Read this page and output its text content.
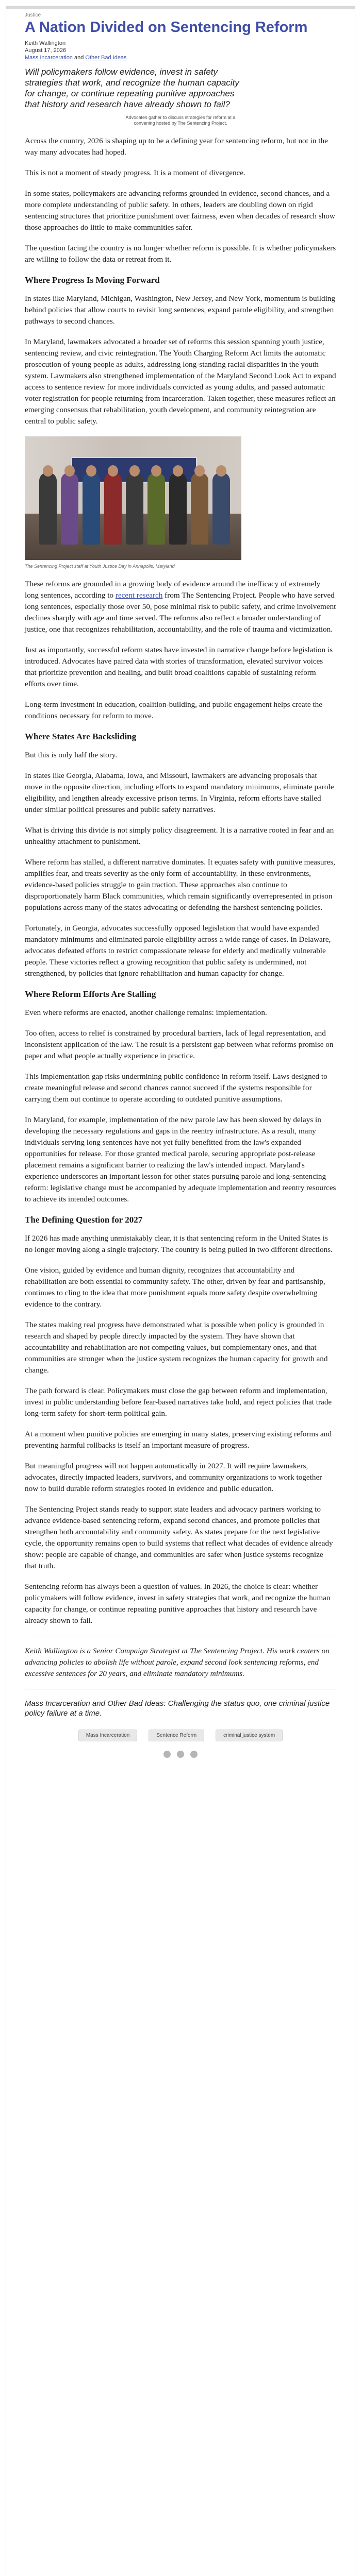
Justice
A Nation Divided on Sentencing Reform
Keith Wallington
August 17, 2026
Mass Incarceration and Other Bad Ideas
Will policymakers follow evidence, invest in safety strategies that work, and recognize the human capacity for change, or continue repeating punitive approaches that history and research have already shown to fail?
Advocates gather to discuss strategies for reform at a convening hosted by The Sentencing Project.

Across the country, 2026 is shaping up to be a defining year for sentencing reform, but not in the way many advocates had hoped.

This is not a moment of steady progress. It is a moment of divergence.

In some states, policymakers are advancing reforms grounded in evidence, second chances, and a more complete understanding of public safety. In others, leaders are doubling down on rigid sentencing structures that prioritize punishment over fairness, even when decades of research show those approaches do little to make communities safer.

The question facing the country is no longer whether reform is possible. It is whether policymakers are willing to follow the data or retreat from it.

Where Progress Is Moving Forward

In states like Maryland, Michigan, Washington, New Jersey, and New York, momentum is building behind policies that allow courts to revisit long sentences, expand parole eligibility, and strengthen pathways to second chances.

In Maryland, lawmakers advocated a broader set of reforms this session spanning youth justice, sentencing review, and civic reintegration. The Youth Charging Reform Act limits the automatic prosecution of young people as adults, addressing long-standing racial disparities in the youth system. Lawmakers also strengthened implementation of the Maryland Second Look Act to expand access to sentence review for more individuals convicted as young adults, and passed automatic voter registration for people returning from incarceration. Taken together, these measures reflect an emerging consensus that rehabilitation, youth development, and community reintegration are central to public safety.

The Sentencing Project staff at Youth Justice Day in Annapolis, Maryland

These reforms are grounded in a growing body of evidence around the inefficacy of extremely long sentences, according to recent research from The Sentencing Project. People who have served long sentences, especially those over 50, pose minimal risk to public safety, and crime involvement declines sharply with age and time served. The reforms also reflect a broader understanding of justice, one that recognizes rehabilitation, accountability, and the role of trauma and victimization.

Just as importantly, successful reform states have invested in narrative change before legislation is introduced. Advocates have paired data with stories of transformation, elevated survivor voices that prioritize prevention and healing, and built broad coalitions capable of sustaining reform efforts over time.

Long-term investment in education, coalition-building, and public engagement helps create the conditions necessary for reform to move.

Where States Are Backsliding

But this is only half the story.

In states like Georgia, Alabama, Iowa, and Missouri, lawmakers are advancing proposals that move in the opposite direction, including efforts to expand mandatory minimums, eliminate parole eligibility, and lengthen already excessive prison terms. In Virginia, reform efforts have stalled under similar political pressures and public safety narratives.

What is driving this divide is not simply policy disagreement. It is a narrative rooted in fear and an unhealthy attachment to punishment.

Where reform has stalled, a different narrative dominates. It equates safety with punitive measures, amplifies fear, and treats severity as the only form of accountability. In these environments, evidence-based policies struggle to gain traction. These approaches also continue to disproportionately harm Black communities, which remain significantly overrepresented in prison populations across many of the states advocating or defending the harshest sentencing policies.

Fortunately, in Georgia, advocates successfully opposed legislation that would have expanded mandatory minimums and eliminated parole eligibility across a wide range of cases. In Delaware, advocates defeated efforts to restrict compassionate release for elderly and medically vulnerable people. These victories reflect a growing recognition that public safety is undermined, not strengthened, by policies that ignore rehabilitation and human capacity for change.

Where Reform Efforts Are Stalling

Even where reforms are enacted, another challenge remains: implementation.

Too often, access to relief is constrained by procedural barriers, lack of legal representation, and inconsistent application of the law. The result is a persistent gap between what reforms promise on paper and what people actually experience in practice.

This implementation gap risks undermining public confidence in reform itself. Laws designed to create meaningful release and second chances cannot succeed if the systems responsible for carrying them out continue to operate according to outdated punitive assumptions.

In Maryland, for example, implementation of the new parole law has been slowed by delays in developing the necessary regulations and gaps in the reentry infrastructure. As a result, many individuals serving long sentences have not yet fully benefitted from the law's expanded opportunities for release. For those granted medical parole, securing appropriate post-release placement remains a significant barrier to realizing the law's intended impact. Maryland's experience underscores an important lesson for other states pursuing parole and long-sentencing reform: legislative change must be accompanied by adequate implementation and reentry resources to achieve its intended outcomes.

The Defining Question for 2027

If 2026 has made anything unmistakably clear, it is that sentencing reform in the United States is no longer moving along a single trajectory. The country is being pulled in two different directions.

One vision, guided by evidence and human dignity, recognizes that accountability and rehabilitation are both essential to community safety. The other, driven by fear and partisanship, continues to cling to the idea that more punishment equals more safety despite overwhelming evidence to the contrary.

The states making real progress have demonstrated what is possible when policy is grounded in research and shaped by people directly impacted by the system. They have shown that accountability and rehabilitation are not competing values, but complementary ones, and that communities are stronger when the justice system recognizes the human capacity for growth and change.

The path forward is clear. Policymakers must close the gap between reform and implementation, invest in public understanding before fear-based narratives take hold, and reject policies that trade long-term safety for short-term political gain.

At a moment when punitive policies are emerging in many states, preserving existing reforms and preventing harmful rollbacks is itself an important measure of progress.

But meaningful progress will not happen automatically in 2027. It will require lawmakers, advocates, directly impacted leaders, survivors, and community organizations to work together now to build durable reform strategies rooted in evidence and public education.

The Sentencing Project stands ready to support state leaders and advocacy partners working to advance evidence-based sentencing reform, expand second chances, and promote policies that strengthen both accountability and community safety. As states prepare for the next legislative cycle, the opportunity remains open to build systems that reflect what decades of evidence already show: people are capable of change, and communities are safer when justice systems recognize that truth.

Sentencing reform has always been a question of values. In 2026, the choice is clear: whether policymakers will follow evidence, invest in safety strategies that work, and recognize the human capacity for change, or continue repeating punitive approaches that history and research have already shown to fail.

Keith Wallington is a Senior Campaign Strategist at The Sentencing Project. His work centers on advancing policies to abolish life without parole, expand second look sentencing reforms, end excessive sentences for 20 years, and eliminate mandatory minimums.
Mass Incarceration and Other Bad Ideas: Challenging the status quo, one criminal justice policy failure at a time.
Mass Incarceration	Sentence Reform	criminal justice system
